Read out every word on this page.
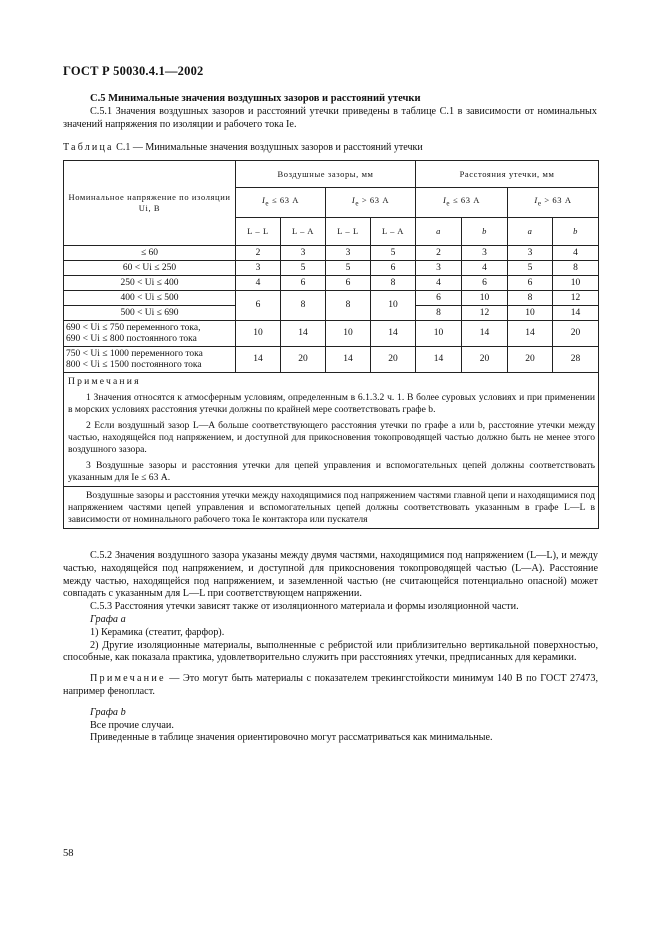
ГОСТ Р 50030.4.1—2002
С.5 Минимальные значения воздушных зазоров и расстояний утечки
С.5.1 Значения воздушных зазоров и расстояний утечки приведены в таблице С.1 в зависимости от номинальных значений напряжения по изоляции и рабочего тока Ie.
Таблица С.1 — Минимальные значения воздушных зазоров и расстояний утечки
Номинальное напряжение по изоляции Ui, В	Воздушные зазоры, мм				Расстояния утечки, мм			
	$I_e \le 63$ А		$I_e > 63$ А		$I_e \le 63$ А		$I_e > 63$ А	
	L – L	L – A	L – L	L – A	a	b	a	b
≤ 60	2	3	3	5	2	3	3	4
60 < Ui ≤ 250	3	5	5	6	3	4	5	8
250 < Ui ≤ 400	4	6	6	8	4	6	6	10
400 < Ui ≤ 500	6	8	8	10	6	10	8	12
500 < Ui ≤ 690					8	12	10	14

690 < Ui ≤ 750 переменного тока,
690 < Ui ≤ 800 постоянного тока	10	14	10	14	10	14	14	20

750 < Ui ≤ 1000 переменного тока
800 < Ui ≤ 1500 постоянного тока	14	20	14	20	14	20	20	28

Примечания

1 Значения относятся к атмосферным условиям, определенным в 6.1.3.2 ч. 1. В более суровых условиях и при применении в морских условиях расстояния утечки должны по крайней мере соответствовать графе b.

2 Если воздушный зазор L—A больше соответствующего расстояния утечки по графе a или b, расстояние утечки между частью, находящейся под напряжением, и доступной для прикосновения токопроводящей частью должно быть не менее этого воздушного зазора.

3 Воздушные зазоры и расстояния утечки для цепей управления и вспомогательных цепей должны соответствовать указанным для Ie ≤ 63 А.								

Воздушные зазоры и расстояния утечки между находящимися под напряжением частями главной цепи и находящимися под напряжением частями цепей управления и вспомогательных цепей должны соответствовать указанным в графе L—L в зависимости от номинального рабочего тока Ie контактора или пускателя								

С.5.2 Значения воздушного зазора указаны между двумя частями, находящимися под напряжением (L—L), и между частью, находящейся под напряжением, и доступной для прикосновения токопроводящей частью (L—A). Расстояние между частью, находящейся под напряжением, и заземленной частью (не считающейся потенциально опасной) может совпадать с указанным для L—L при соответствующем напряжении.

С.5.3 Расстояния утечки зависят также от изоляционного материала и формы изоляционной части.

Графа a

1) Керамика (стеатит, фарфор).

2) Другие изоляционные материалы, выполненные с ребристой или приблизительно вертикальной поверхностью, способные, как показала практика, удовлетворительно служить при расстояниях утечки, предписанных для керамики.

Примечание — Это могут быть материалы с показателем трекингстойкости минимум 140 В по ГОСТ 27473, например фенопласт.

Графа b

Все прочие случаи.

Приведенные в таблице значения ориентировочно могут рассматриваться как минимальные.

58
